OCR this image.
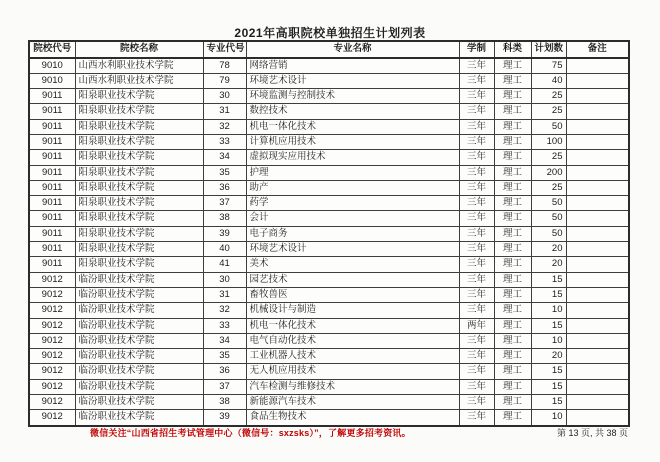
2021年高职院校单独招生计划列表
院校代号	院校名称	专业代号	专业名称	学制	科类	计划数	备注
9010	山西水利职业技术学院	78	网络营销	三年	理工	75	
9010	山西水利职业技术学院	79	环境艺术设计	三年	理工	40	
9011	阳泉职业技术学院	30	环境监测与控制技术	三年	理工	25	
9011	阳泉职业技术学院	31	数控技术	三年	理工	25	
9011	阳泉职业技术学院	32	机电一体化技术	三年	理工	50	
9011	阳泉职业技术学院	33	计算机应用技术	三年	理工	100	
9011	阳泉职业技术学院	34	虚拟现实应用技术	三年	理工	25	
9011	阳泉职业技术学院	35	护理	三年	理工	200	
9011	阳泉职业技术学院	36	助产	三年	理工	25	
9011	阳泉职业技术学院	37	药学	三年	理工	50	
9011	阳泉职业技术学院	38	会计	三年	理工	50	
9011	阳泉职业技术学院	39	电子商务	三年	理工	50	
9011	阳泉职业技术学院	40	环境艺术设计	三年	理工	20	
9011	阳泉职业技术学院	41	美术	三年	理工	20	
9012	临汾职业技术学院	30	园艺技术	三年	理工	15	
9012	临汾职业技术学院	31	畜牧兽医	三年	理工	15	
9012	临汾职业技术学院	32	机械设计与制造	三年	理工	10	
9012	临汾职业技术学院	33	机电一体化技术	两年	理工	15	
9012	临汾职业技术学院	34	电气自动化技术	三年	理工	10	
9012	临汾职业技术学院	35	工业机器人技术	三年	理工	20	
9012	临汾职业技术学院	36	无人机应用技术	三年	理工	15	
9012	临汾职业技术学院	37	汽车检测与维修技术	三年	理工	15	
9012	临汾职业技术学院	38	新能源汽车技术	三年	理工	15	
9012	临汾职业技术学院	39	食品生物技术	三年	理工	10	
微信关注“山西省招生考试管理中心（微信号：sxzsks）”，了解更多招考资讯。	第 13 页, 共 38 页
